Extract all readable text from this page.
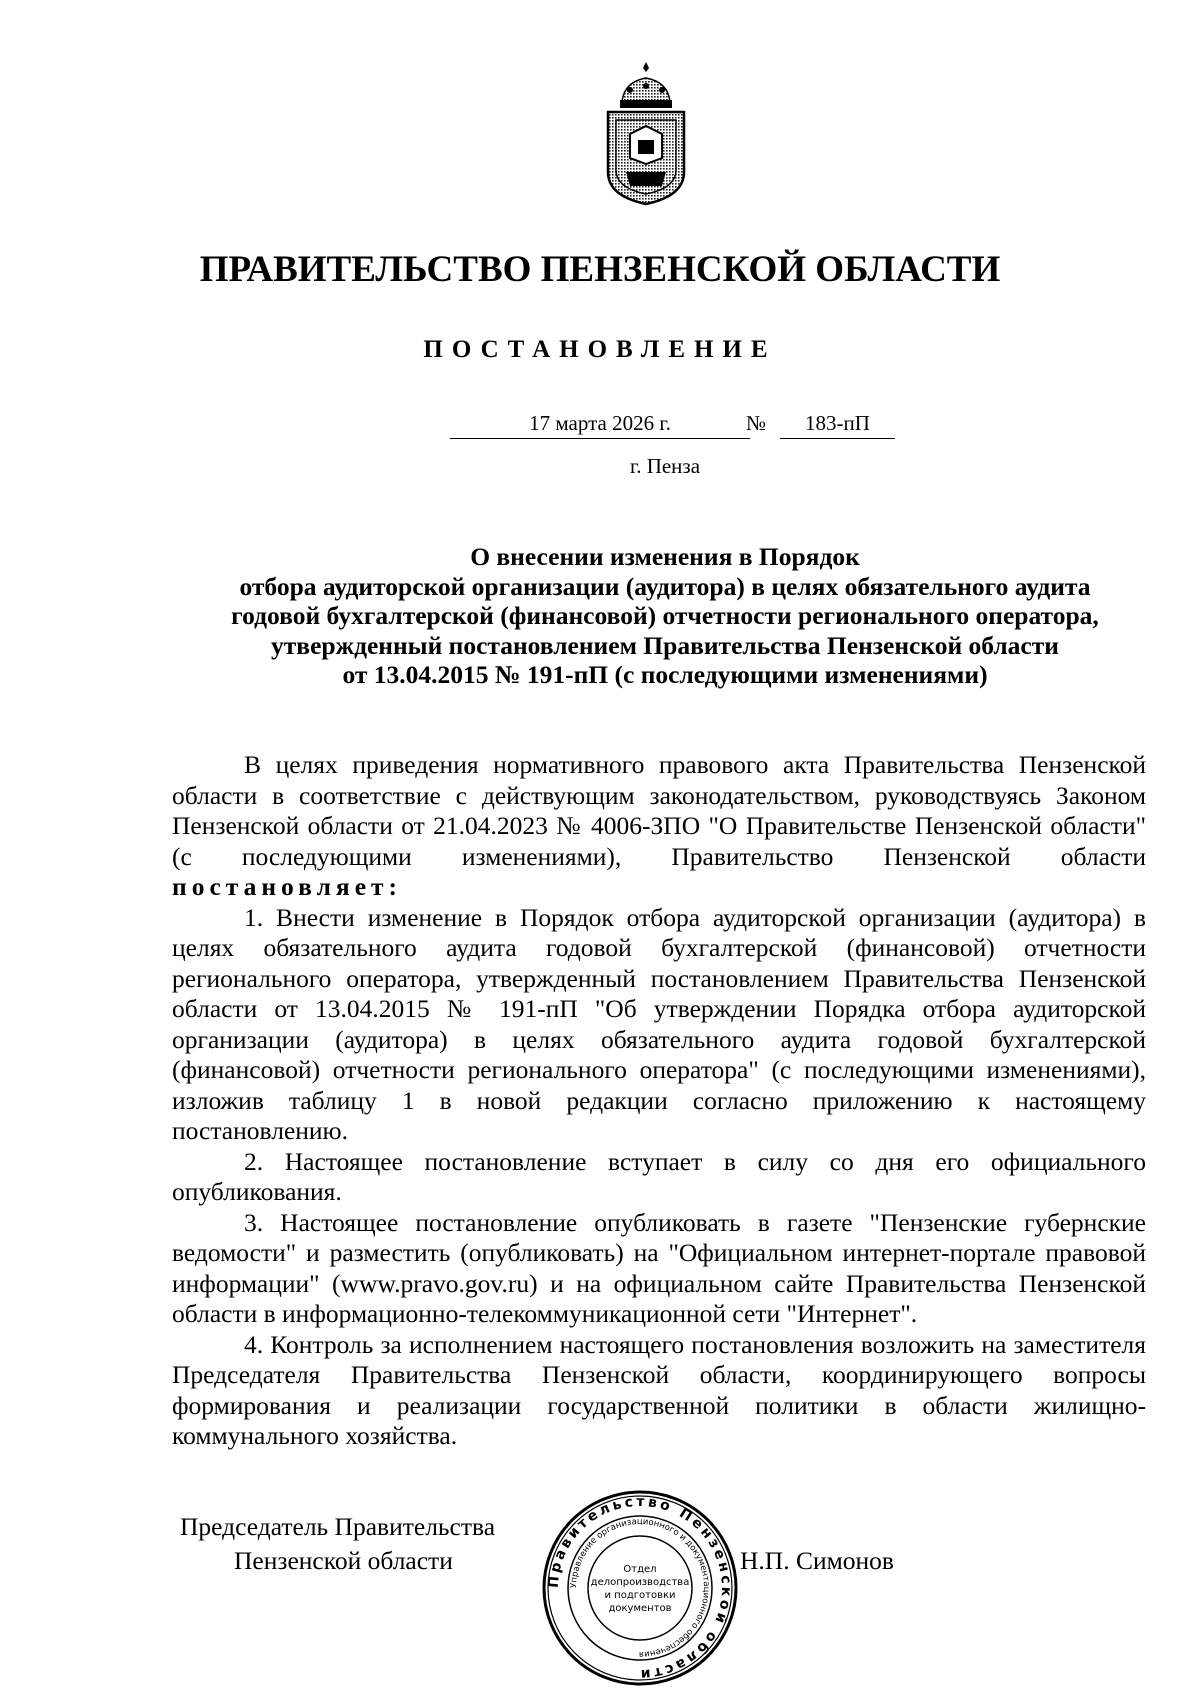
ПРАВИТЕЛЬСТВО ПЕНЗЕНСКОЙ ОБЛАСТИ
ПОСТАНОВЛЕНИЕ
17 марта 2026 г.	№	183-пП
г. Пенза
О внесении изменения в Порядок
отбора аудиторской организации (аудитора) в целях обязательного аудита
годовой бухгалтерской (финансовой) отчетности регионального оператора,
утвержденный постановлением Правительства Пензенской области
от 13.04.2015 № 191-пП (с последующими изменениями)

В целях приведения нормативного правового акта Правительства Пензенской области в соответствие с действующим законодательством, руководствуясь Законом Пензенской области от 21.04.2023 № 4006-ЗПО "О Правительстве Пензенской области" (с последующими изменениями), Правительство Пензенской области постановляет:

1. Внести изменение в Порядок отбора аудиторской организации (аудитора) в целях обязательного аудита годовой бухгалтерской (финансовой) отчетности регионального оператора, утвержденный постановлением Правительства Пензенской области от 13.04.2015 № 191-пП "Об утверждении Порядка отбора аудиторской организации (аудитора) в целях обязательного аудита годовой бухгалтерской (финансовой) отчетности регионального оператора" (с последующими изменениями), изложив таблицу 1 в новой редакции согласно приложению к настоящему постановлению.

2. Настоящее постановление вступает в силу со дня его официального опубликования.

3. Настоящее постановление опубликовать в газете "Пензенские губернские ведомости" и разместить (опубликовать) на "Официальном интернет-портале правовой информации" (www.pravo.gov.ru) и на официальном сайте Правительства Пензенской области в информационно-телекоммуникационной сети "Интернет".

4. Контроль за исполнением настоящего постановления возложить на заместителя Председателя Правительства Пензенской области, координирующего вопросы формирования и реализации государственной политики в области жилищно-коммунального хозяйства.

Председатель Правительства
Пензенской области
Правительство Пензенской области
Управление организационного и документационного обеспечения
Отдел
делопроизводства
и подготовки
документов
Н.П. Симонов
